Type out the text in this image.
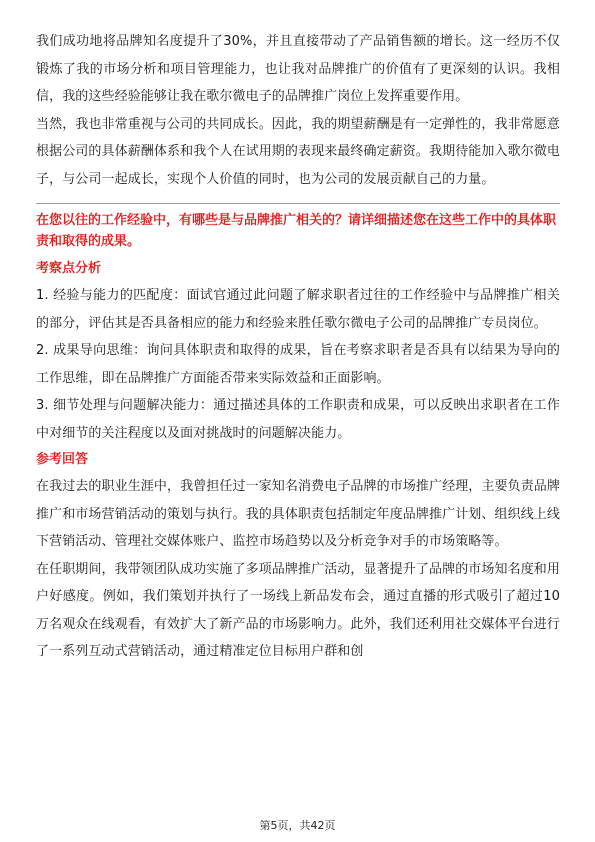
我们成功地将品牌知名度提升了30%，并且直接带动了产品销售额的增长。这一经历不仅锻炼了我的市场分析和项目管理能力，也让我对品牌推广的价值有了更深刻的认识。我相信，我的这些经验能够让我在歌尔微电子的品牌推广岗位上发挥重要作用。

当然，我也非常重视与公司的共同成长。因此，我的期望薪酬是有一定弹性的，我非常愿意根据公司的具体薪酬体系和我个人在试用期的表现来最终确定薪资。我期待能加入歌尔微电子，与公司一起成长，实现个人价值的同时，也为公司的发展贡献自己的力量。

在您以往的工作经验中，有哪些是与品牌推广相关的？请详细描述您在这些工作中的具体职责和取得的成果。

考察点分析

1. 经验与能力的匹配度：面试官通过此问题了解求职者过往的工作经验中与品牌推广相关的部分，评估其是否具备相应的能力和经验来胜任歌尔微电子公司的品牌推广专员岗位。

2. 成果导向思维：询问具体职责和取得的成果，旨在考察求职者是否具有以结果为导向的工作思维，即在品牌推广方面能否带来实际效益和正面影响。

3. 细节处理与问题解决能力：通过描述具体的工作职责和成果，可以反映出求职者在工作中对细节的关注程度以及面对挑战时的问题解决能力。

参考回答

在我过去的职业生涯中，我曾担任过一家知名消费电子品牌的市场推广经理，主要负责品牌推广和市场营销活动的策划与执行。我的具体职责包括制定年度品牌推广计划、组织线上线下营销活动、管理社交媒体账户、监控市场趋势以及分析竞争对手的市场策略等。

在任职期间，我带领团队成功实施了多项品牌推广活动，显著提升了品牌的市场知名度和用户好感度。例如，我们策划并执行了一场线上新品发布会，通过直播的形式吸引了超过10万名观众在线观看，有效扩大了新产品的市场影响力。此外，我们还利用社交媒体平台进行了一系列互动式营销活动，通过精准定位目标用户群和创

第5页，共42页
